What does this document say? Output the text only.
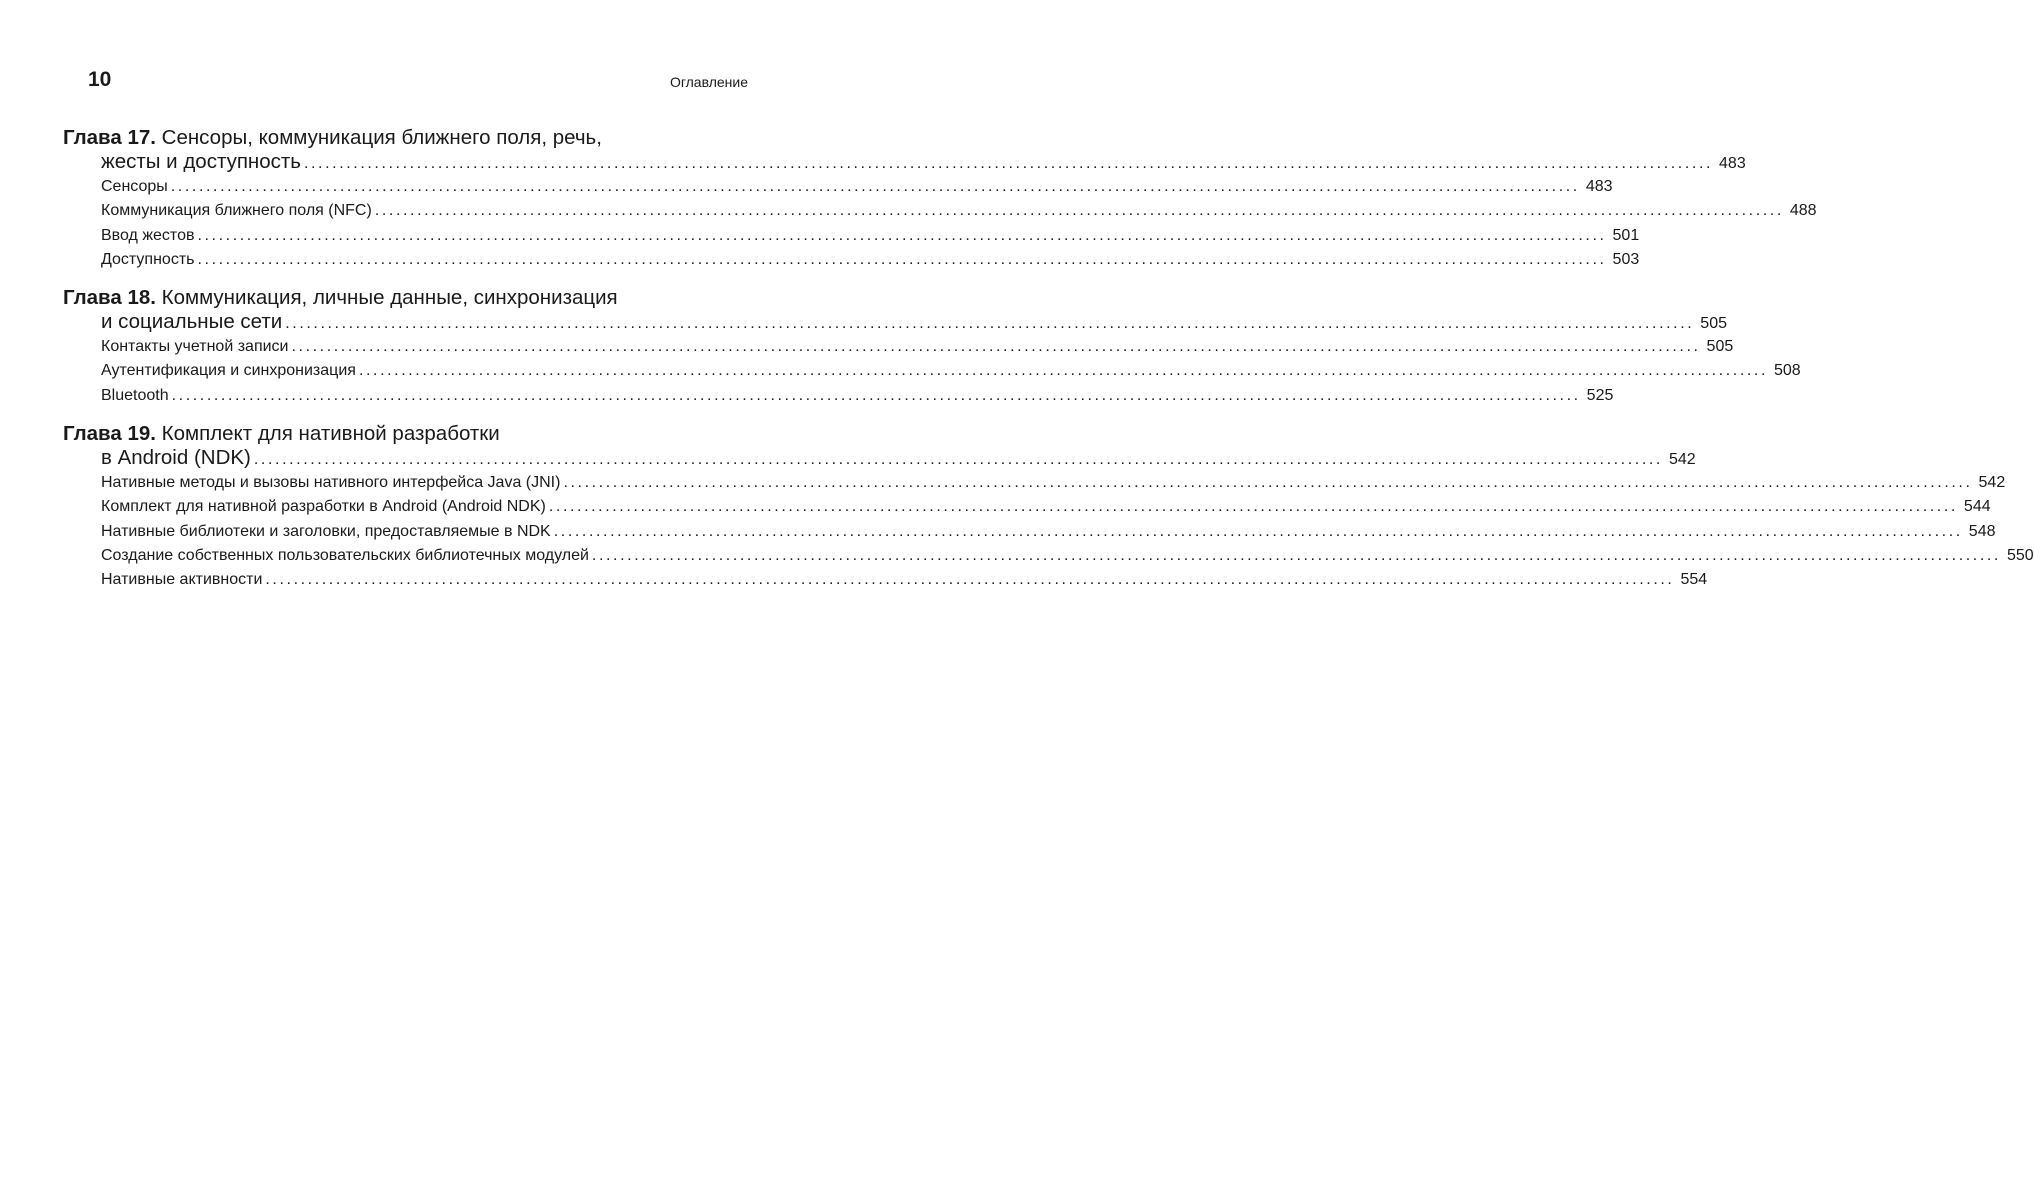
10	Оглавление
Глава 17. Сенсоры, коммуникация ближнего поля, речь,
жесты и доступность ........................................................................................................................................................................................................ 483
Сенсоры ........................................................................................................................................................................................................ 483
Коммуникация ближнего поля (NFC) ........................................................................................................................................................................................................ 488
Ввод жестов ........................................................................................................................................................................................................ 501
Доступность ........................................................................................................................................................................................................ 503
Глава 18. Коммуникация, личные данные, синхронизация
и социальные сети ........................................................................................................................................................................................................ 505
Контакты учетной записи ........................................................................................................................................................................................................ 505
Аутентификация и синхронизация ........................................................................................................................................................................................................ 508
Bluetooth ........................................................................................................................................................................................................ 525
Глава 19. Комплект для нативной разработки
в Android (NDK) ........................................................................................................................................................................................................ 542
Нативные методы и вызовы нативного интерфейса Java (JNI) ........................................................................................................................................................................................................ 542
Комплект для нативной разработки в Android (Android NDK) ........................................................................................................................................................................................................ 544
Нативные библиотеки и заголовки, предоставляемые в NDK ........................................................................................................................................................................................................ 548
Создание собственных пользовательских библиотечных модулей ........................................................................................................................................................................................................ 550
Нативные активности ........................................................................................................................................................................................................ 554
